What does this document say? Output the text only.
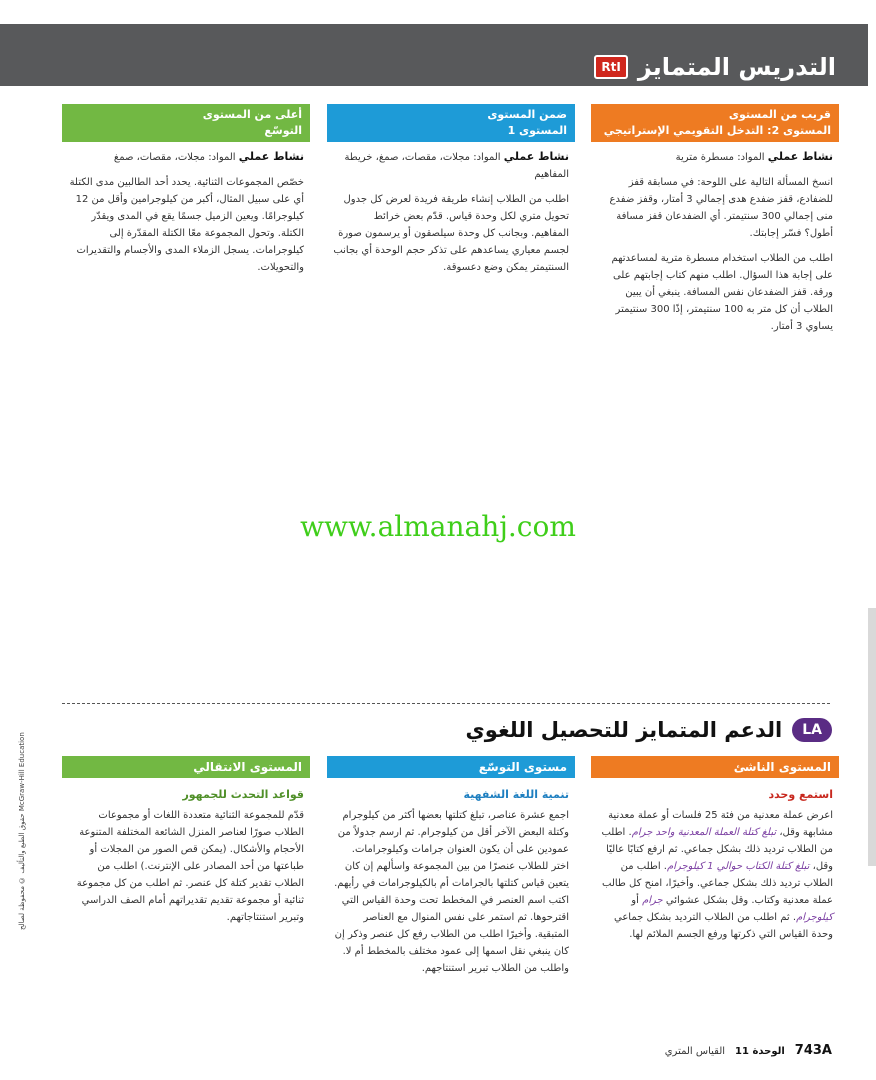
RtI التدريس المتمايز
قريب من المستوى
المستوى 2: التدخل التقويمي الإستراتيجي

نشاط عملي المواد: مسطرة مترية

انسخ المسألة التالية على اللوحة: في مسابقة قفز للضفادع، قفز ضفدع هدى إجمالي 3 أمتار، وقفز ضفدع منى إجمالي 300 سنتيمتر. أي الضفدعان قفز مسافة أطول؟ فسّر إجابتك.

اطلب من الطلاب استخدام مسطرة مترية لمساعدتهم على إجابة هذا السؤال. اطلب منهم كتاب إجابتهم على ورقة. قفز الضفدعان نفس المسافة. ينبغي أن يبين الطلاب أن كل متر به 100 سنتيمتر، إذًا 300 سنتيمتر يساوي 3 أمتار.

ضمن المستوى
المستوى 1

نشاط عملي المواد: مجلات، مقصات، صمغ، خريطة المفاهيم

اطلب من الطلاب إنشاء طريقة فريدة لعرض كل جدول تحويل متري لكل وحدة قياس. قدّم بعض خرائط المفاهيم. وبجانب كل وحدة سيلصقون أو يرسمون صورة لجسم معياري يساعدهم على تذكر حجم الوحدة أي بجانب السنتيمتر يمكن وضع دعسوقة.

أعلى من المستوى
التوسّع

نشاط عملي المواد: مجلات، مقصات، صمغ

خصّص المجموعات الثنائية. يحدد أحد الطالبين مدى الكتلة أي على سبيل المثال، أكبر من كيلوجرامين وأقل من 12 كيلوجرامًا. ويعين الزميل جسمًا يقع في المدى ويقدّر الكتلة. وتحول المجموعة معًا الكتلة المقدّرة إلى كيلوجرامات. يسجل الزملاء المدى والأجسام والتقديرات والتحويلات.

www.almanahj.com
LA
الدعم المتمايز للتحصيل اللغوي
المستوى الناشئ
استمع وحدد

اعرض عملة معدنية من فئة 25 فلسات أو عملة معدنية مشابهة وقل، تبلغ كتلة العملة المعدنية واحد جرام. اطلب من الطلاب ترديد ذلك بشكل جماعي. ثم ارفع كتابًا عاليًا وقل، تبلغ كتلة الكتاب حوالي 1 كيلوجرام. اطلب من الطلاب ترديد ذلك بشكل جماعي. وأخيرًا، امنح كل طالب عملة معدنية وكتاب. وقل بشكل عشوائي جرام أو كيلوجرام. ثم اطلب من الطلاب الترديد بشكل جماعي وحدة القياس التي ذكرتها ورفع الجسم الملائم لها.

مستوى التوسّع
تنمية اللغة الشفهية

اجمع عشرة عناصر، تبلغ كتلتها بعضها أكثر من كيلوجرام وكتلة البعض الآخر أقل من كيلوجرام. ثم ارسم جدولاً من عمودين على أن يكون العنوان جرامات وكيلوجرامات. اختر للطلاب عنصرًا من بين المجموعة واسألهم إن كان يتعين قياس كتلتها بالجرامات أم بالكيلوجرامات في رأيهم. اكتب اسم العنصر في المخطط تحت وحدة القياس التي اقترحوها. ثم استمر على نفس المنوال مع العناصر المتبقية. وأخيرًا اطلب من الطلاب رفع كل عنصر وذكر إن كان ينبغي نقل اسمها إلى عمود مختلف بالمخطط أم لا. واطلب من الطلاب تبرير استنتاجهم.

المستوى الانتقالي
قواعد التحدث للجمهور

قدّم للمجموعة الثنائية متعددة اللغات أو مجموعات الطلاب صورًا لعناصر المنزل الشائعة المختلفة المتنوعة الأحجام والأشكال. (يمكن قص الصور من المجلات أو طباعتها من أحد المصادر على الإنترنت.) اطلب من الطلاب تقدير كتلة كل عنصر. ثم اطلب من كل مجموعة ثنائية أو مجموعة تقديم تقديراتهم أمام الصف الدراسي وتبرير استنتاجاتهم.

حقوق الطبع والتأليف © محفوظة لصالح McGraw-Hill Education
743A
الوحدة 11
القياس المتري
